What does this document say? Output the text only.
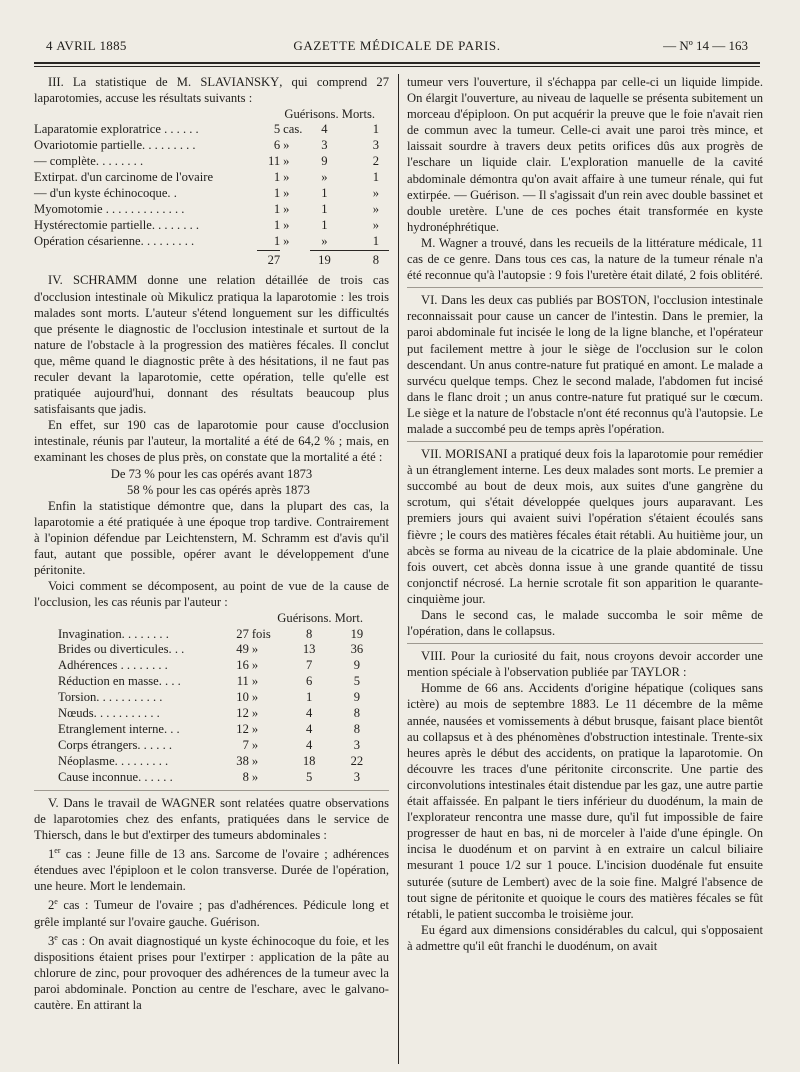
4 AVRIL 1885	GAZETTE MÉDICALE DE PARIS.	— Nº 14 — 163

III. La statistique de M. SLAVIANSKY, qui comprend 27 laparotomies, accuse les résultats suivants :

Guérisons. Morts.
Laparatomie exploratrice . . . . . .	5	cas.	4	1
Ovariotomie partielle. . . . . . . . .	6	»	3	3
— complète. . . . . . . .	11	»	9	2
Extirpat. d'un carcinome de l'ovaire	1	»	»	1
— d'un kyste échinocoque. .	1	»	1	»
Myomotomie . . . . . . . . . . . . .	1	»	1	»
Hystérectomie partielle. . . . . . . .	1	»	1	»
Opération césarienne. . . . . . . . .	1	»	»	1
	27		19	8

IV. SCHRAMM donne une relation détaillée de trois cas d'occlusion intestinale où Mikulicz pratiqua la laparotomie : les trois malades sont morts. L'auteur s'étend longuement sur les difficultés que présente le diagnostic de l'occlusion intestinale et surtout de la nature de l'obstacle à la progression des matières fécales. Il conclut que, même quand le diagnostic prête à des hésitations, il ne faut pas reculer devant la laparotomie, cette opération, telle qu'elle est pratiquée aujourd'hui, donnant des résultats beaucoup plus satisfaisants que jadis.

En effet, sur 190 cas de laparotomie pour cause d'occlusion intestinale, réunis par l'auteur, la mortalité a été de 64,2 % ; mais, en examinant les choses de plus près, on constate que la mortalité a été :

De 73 % pour les cas opérés avant 1873

58 % pour les cas opérés après 1873

Enfin la statistique démontre que, dans la plupart des cas, la laparotomie a été pratiquée à une époque trop tardive. Contrairement à l'opinion défendue par Leichtenstern, M. Schramm est d'avis qu'il faut, autant que possible, opérer avant le développement d'une péritonite.

Voici comment se décomposent, au point de vue de la cause de l'occlusion, les cas réunis par l'auteur :

Guérisons. Mort.
Invagination. . . . . . . .	27	fois	8	19
Brides ou diverticules. . .	49	»	13	36
Adhérences . . . . . . . .	16	»	7	9
Réduction en masse. . . .	11	»	6	5
Torsion. . . . . . . . . . .	10	»	1	9
Nœuds. . . . . . . . . . .	12	»	4	8
Etranglement interne. . .	12	»	4	8
Corps étrangers. . . . . .	7	»	4	3
Néoplasme. . . . . . . . .	38	»	18	22
Cause inconnue. . . . . .	8	»	5	3

V. Dans le travail de WAGNER sont relatées quatre observations de laparotomies chez des enfants, pratiquées dans le service de Thiersch, dans le but d'extirper des tumeurs abdominales :

1er cas : Jeune fille de 13 ans. Sarcome de l'ovaire ; adhérences étendues avec l'épiploon et le colon transverse. Durée de l'opération, une heure. Mort le lendemain.

2e cas : Tumeur de l'ovaire ; pas d'adhérences. Pédicule long et grêle implanté sur l'ovaire gauche. Guérison.

3e cas : On avait diagnostiqué un kyste échinocoque du foie, et les dispositions étaient prises pour l'extirper : application de la pâte au chlorure de zinc, pour provoquer des adhérences de la tumeur avec la paroi abdominale. Ponction au centre de l'eschare, avec le galvano-cautère. En attirant la

tumeur vers l'ouverture, il s'échappa par celle-ci un liquide limpide. On élargit l'ouverture, au niveau de laquelle se présenta subitement un morceau d'épiploon. On put acquérir la preuve que le foie n'avait rien de commun avec la tumeur. Celle-ci avait une paroi très mince, et laissait sourdre à travers deux petits orifices dûs aux progrès de l'eschare un liquide clair. L'exploration manuelle de la cavité abdominale démontra qu'on avait affaire à une tumeur rénale, qui fut extirpée. — Guérison. — Il s'agissait d'un rein avec double bassinet et double uretère. L'une de ces poches était transformée en kyste hydronéphrétique.

M. Wagner a trouvé, dans les recueils de la littérature médicale, 11 cas de ce genre. Dans tous ces cas, la nature de la tumeur rénale n'a été reconnue qu'à l'autopsie : 9 fois l'uretère était dilaté, 2 fois oblitéré.

VI. Dans les deux cas publiés par BOSTON, l'occlusion intestinale reconnaissait pour cause un cancer de l'intestin. Dans le premier, la paroi abdominale fut incisée le long de la ligne blanche, et l'opérateur put facilement mettre à jour le siège de l'occlusion sur le colon descendant. Un anus contre-nature fut pratiqué en amont. Le malade a survécu quelque temps. Chez le second malade, l'abdomen fut incisé dans le flanc droit ; un anus contre-nature fut pratiqué sur le cœcum. Le siège et la nature de l'obstacle n'ont été reconnus qu'à l'autopsie. Le malade a succombé peu de temps après l'opération.

VII. MORISANI a pratiqué deux fois la laparotomie pour remédier à un étranglement interne. Les deux malades sont morts. Le premier a succombé au bout de deux mois, aux suites d'une gangrène du scrotum, qui s'était développée quelques jours auparavant. Les premiers jours qui avaient suivi l'opération s'étaient écoulés sans fièvre ; le cours des matières fécales était rétabli. Au huitième jour, un abcès se forma au niveau de la cicatrice de la plaie abdominale. Une fois ouvert, cet abcès donna issue à une grande quantité de tissu conjonctif nécrosé. La hernie scrotale fit son apparition le quarante-cinquième jour.

Dans le second cas, le malade succomba le soir même de l'opération, dans le collapsus.

VIII. Pour la curiosité du fait, nous croyons devoir accorder une mention spéciale à l'observation publiée par TAYLOR :

Homme de 66 ans. Accidents d'origine hépatique (coliques sans ictère) au mois de septembre 1883. Le 11 décembre de la même année, nausées et vomissements à début brusque, faisant place bientôt au collapsus et à des phénomènes d'obstruction intestinale. Trente-six heures après le début des accidents, on pratique la laparotomie. On découvre les traces d'une péritonite circonscrite. Une partie des circonvolutions intestinales était distendue par les gaz, une autre partie était affaissée. En palpant le tiers inférieur du duodénum, la main de l'explorateur rencontra une masse dure, qu'il fut impossible de faire progresser de haut en bas, ni de morceler à l'aide d'une épingle. On incisa le duodénum et on parvint à en extraire un calcul biliaire mesurant 1 pouce 1/2 sur 1 pouce. L'incision duodénale fut ensuite suturée (suture de Lembert) avec de la soie fine. Malgré l'absence de tout signe de péritonite et quoique le cours des matières fécales se fût rétabli, le patient succomba le troisième jour.

Eu égard aux dimensions considérables du calcul, qui s'opposaient à admettre qu'il eût franchi le duodénum, on avait
